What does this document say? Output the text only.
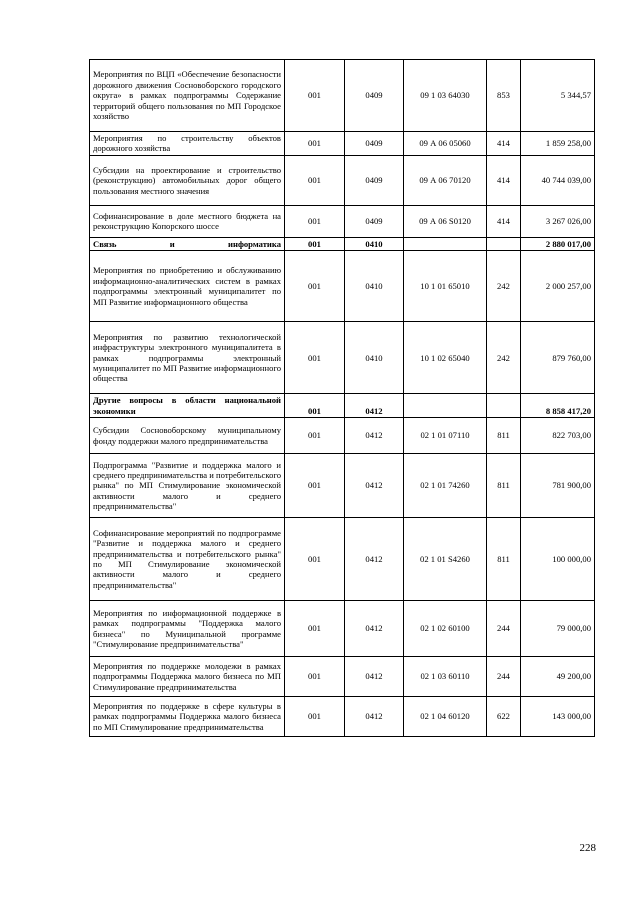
Мероприятия по ВЦП «Обеспечение безопасности дорожного движения Сосновоборского городского округа» в рамках подпрограммы Содержание территорий общего пользования по МП Городское хозяйство	001	0409	09 1 03 64030	853	5 344,57
Мероприятия по строительству объектов дорожного хозяйства	001	0409	09 А 06 05060	414	1 859 258,00
Субсидии на проектирование и строительство (реконструкцию) автомобильных дорог общего пользования местного значения	001	0409	09 А 06 70120	414	40 744 039,00
Софинансирование в доле местного бюджета на реконструкцию Копорского шоссе	001	0409	09 А 06 S0120	414	3 267 026,00
Связь и информатика	001	0410			2 880 017,00
Мероприятия по приобретению и обслуживанию информационно-аналитических систем в рамках подпрограммы электронный муниципалитет по МП Развитие информационного общества	001	0410	10 1 01 65010	242	2 000 257,00
Мероприятия по развитию технологической инфраструктуры электронного муниципалитета в рамках подпрограммы электронный муниципалитет по МП Развитие информационного общества	001	0410	10 1 02 65040	242	879 760,00
Другие вопросы в области национальной экономики	001	0412			8 858 417,20
Субсидии Сосновоборскому муниципальному фонду поддержки малого предпринимательства	001	0412	02 1 01 07110	811	822 703,00
Подпрограмма "Развитие и поддержка малого и среднего предпринимательства и потребительского рынка" по МП Стимулирование экономической активности малого и среднего предпринимательства"	001	0412	02 1 01 74260	811	781 900,00
Софинансирование мероприятий по подпрограмме "Развитие и поддержка малого и среднего предпринимательства и потребительского рынка" по МП Стимулирование экономической активности малого и среднего предпринимательства"	001	0412	02 1 01 S4260	811	100 000,00
Мероприятия по информационной поддержке в рамках подпрограммы "Поддержка малого бизнеса" по Муниципальной программе "Стимулирование предпринимательства"	001	0412	02 1 02 60100	244	79 000,00
Мероприятия по поддержке молодежи в рамках подпрограммы Поддержка малого бизнеса по МП Стимулирование предпринимательства	001	0412	02 1 03 60110	244	49 200,00
Мероприятия по поддержке в сфере культуры в рамках подпрограммы Поддержка малого бизнеса по МП Стимулирование предпринимательства	001	0412	02 1 04 60120	622	143 000,00
228
